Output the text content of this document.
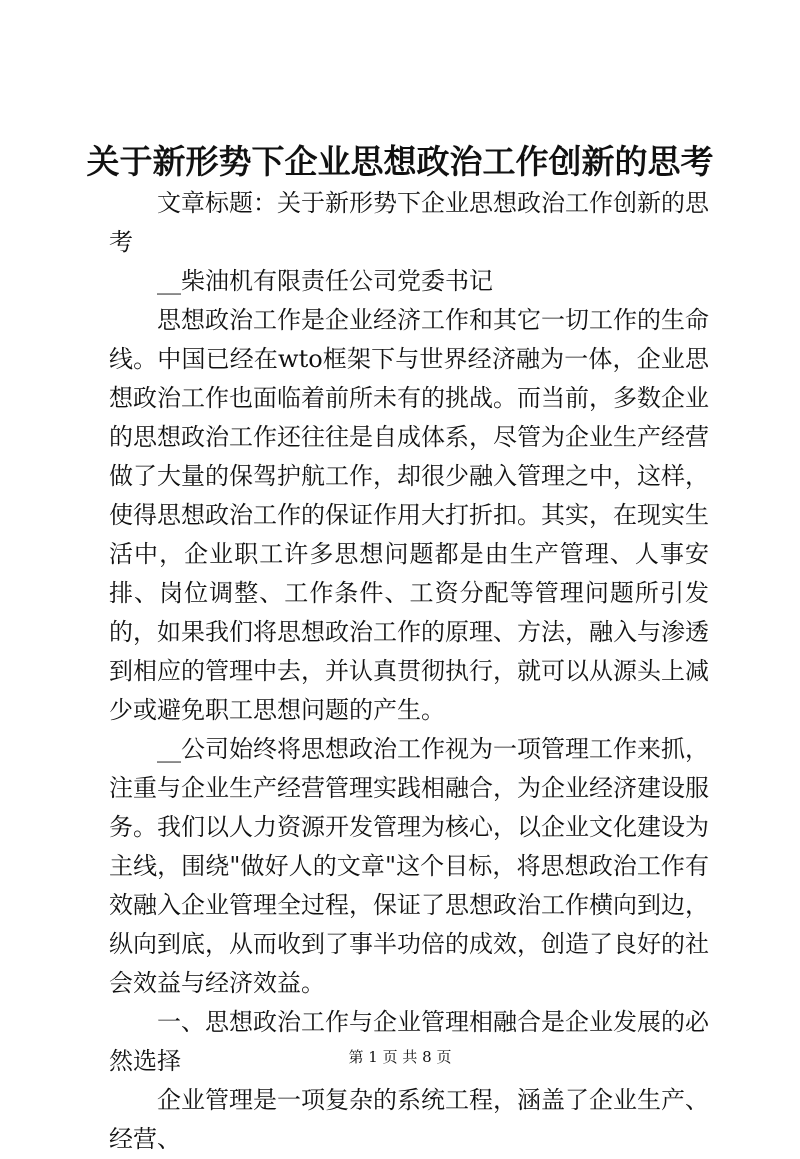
关于新形势下企业思想政治工作创新的思考

文章标题：关于新形势下企业思想政治工作创新的思考

__柴油机有限责任公司党委书记

思想政治工作是企业经济工作和其它一切工作的生命线。中国已经在wto框架下与世界经济融为一体，企业思想政治工作也面临着前所未有的挑战。而当前，多数企业的思想政治工作还往往是自成体系，尽管为企业生产经营做了大量的保驾护航工作，却很少融入管理之中，这样，使得思想政治工作的保证作用大打折扣。其实，在现实生活中，企业职工许多思想问题都是由生产管理、人事安排、岗位调整、工作条件、工资分配等管理问题所引发的，如果我们将思想政治工作的原理、方法，融入与渗透到相应的管理中去，并认真贯彻执行，就可以从源头上减少或避免职工思想问题的产生。

__公司始终将思想政治工作视为一项管理工作来抓，注重与企业生产经营管理实践相融合，为企业经济建设服务。我们以人力资源开发管理为核心，以企业文化建设为主线，围绕"做好人的文章"这个目标，将思想政治工作有效融入企业管理全过程，保证了思想政治工作横向到边，纵向到底，从而收到了事半功倍的成效，创造了良好的社会效益与经济效益。

一、思想政治工作与企业管理相融合是企业发展的必然选择

企业管理是一项复杂的系统工程，涵盖了企业生产、经营、

第 1 页 共 8 页
